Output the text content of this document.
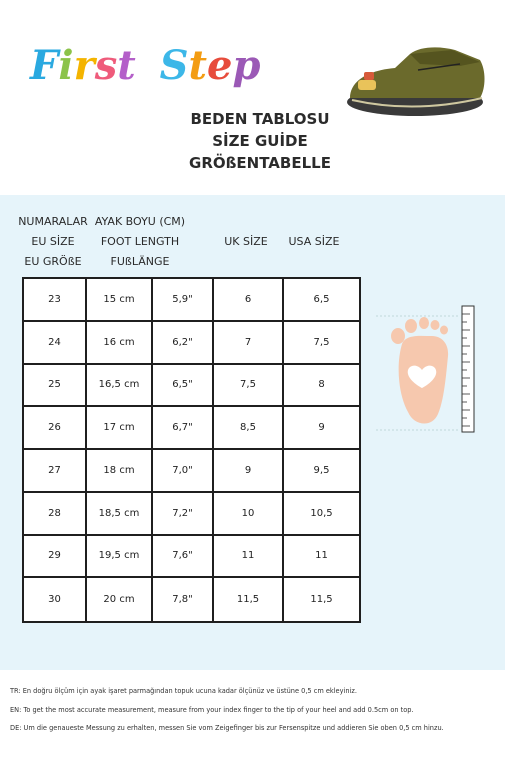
First Step
BEDEN TABLOSU
SİZE GUİDE
GRÖßENTABELLE
NUMARALAR
EU SİZE
EU GRÖßE
AYAK BOYU (CM)
FOOT LENGTH
FUßLÄNGE
UK SİZE	USA SİZE
23	15 cm	5,9"	6	6,5
24	16 cm	6,2"	7	7,5
25	16,5 cm	6,5"	7,5	8
26	17 cm	6,7"	8,5	9
27	18 cm	7,0"	9	9,5
28	18,5 cm	7,2"	10	10,5
29	19,5 cm	7,6"	11	11
30	20 cm	7,8"	11,5	11,5
TR: En doğru ölçüm için ayak işaret parmağından topuk ucuna kadar ölçünüz ve üstüne 0,5 cm ekleyiniz.
EN: To get the most accurate measurement, measure from your index finger to the tip of your heel and add 0.5cm on top.
DE: Um die genaueste Messung zu erhalten, messen Sie vom Zeigefinger bis zur Fersenspitze und addieren Sie oben 0,5 cm hinzu.
